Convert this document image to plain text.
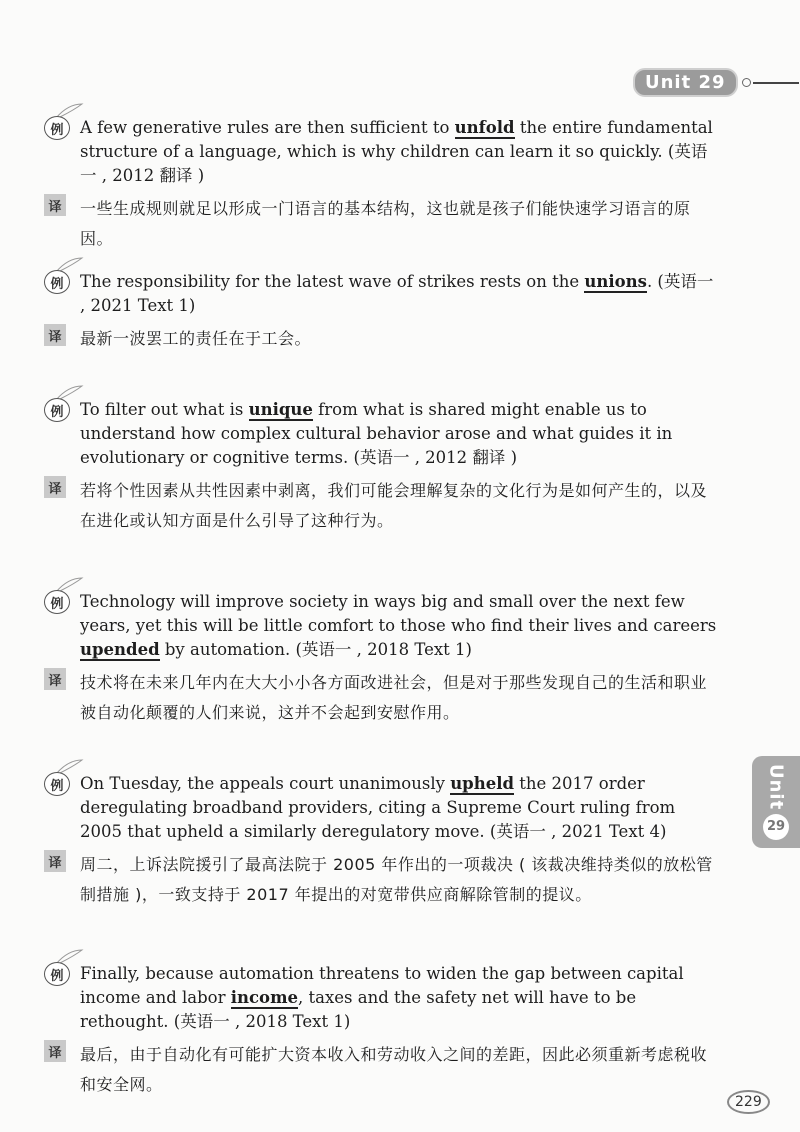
Unit 29
Unit
29
例	A few generative rules are then sufficient to unfold the entire fundamental structure of a language, which is why children can learn it so quickly. (英语一 , 2012 翻译 )
译 一些生成规则就足以形成一门语言的基本结构，这也就是孩子们能快速学习语言的原因。
例	The responsibility for the latest wave of strikes rests on the unions. (英语一 , 2021 Text 1)
译 最新一波罢工的责任在于工会。
例	To filter out what is unique from what is shared might enable us to understand how complex cultural behavior arose and what guides it in evolutionary or cognitive terms. (英语一 , 2012 翻译 )
译 若将个性因素从共性因素中剥离，我们可能会理解复杂的文化行为是如何产生的，以及在进化或认知方面是什么引导了这种行为。
例	Technology will improve society in ways big and small over the next few years, yet this will be little comfort to those who find their lives and careers upended by automation. (英语一 , 2018 Text 1)
译 技术将在未来几年内在大大小小各方面改进社会，但是对于那些发现自己的生活和职业被自动化颠覆的人们来说，这并不会起到安慰作用。
例	On Tuesday, the appeals court unanimously upheld the 2017 order deregulating broadband providers, citing a Supreme Court ruling from 2005 that upheld a similarly deregulatory move. (英语一 , 2021 Text 4)
译 周二，上诉法院援引了最高法院于 2005 年作出的一项裁决 ( 该裁决维持类似的放松管制措施 )，一致支持于 2017 年提出的对宽带供应商解除管制的提议。
例	Finally, because automation threatens to widen the gap between capital income and labor income, taxes and the safety net will have to be rethought. (英语一 , 2018 Text 1)
译 最后，由于自动化有可能扩大资本收入和劳动收入之间的差距，因此必须重新考虑税收和安全网。
229
